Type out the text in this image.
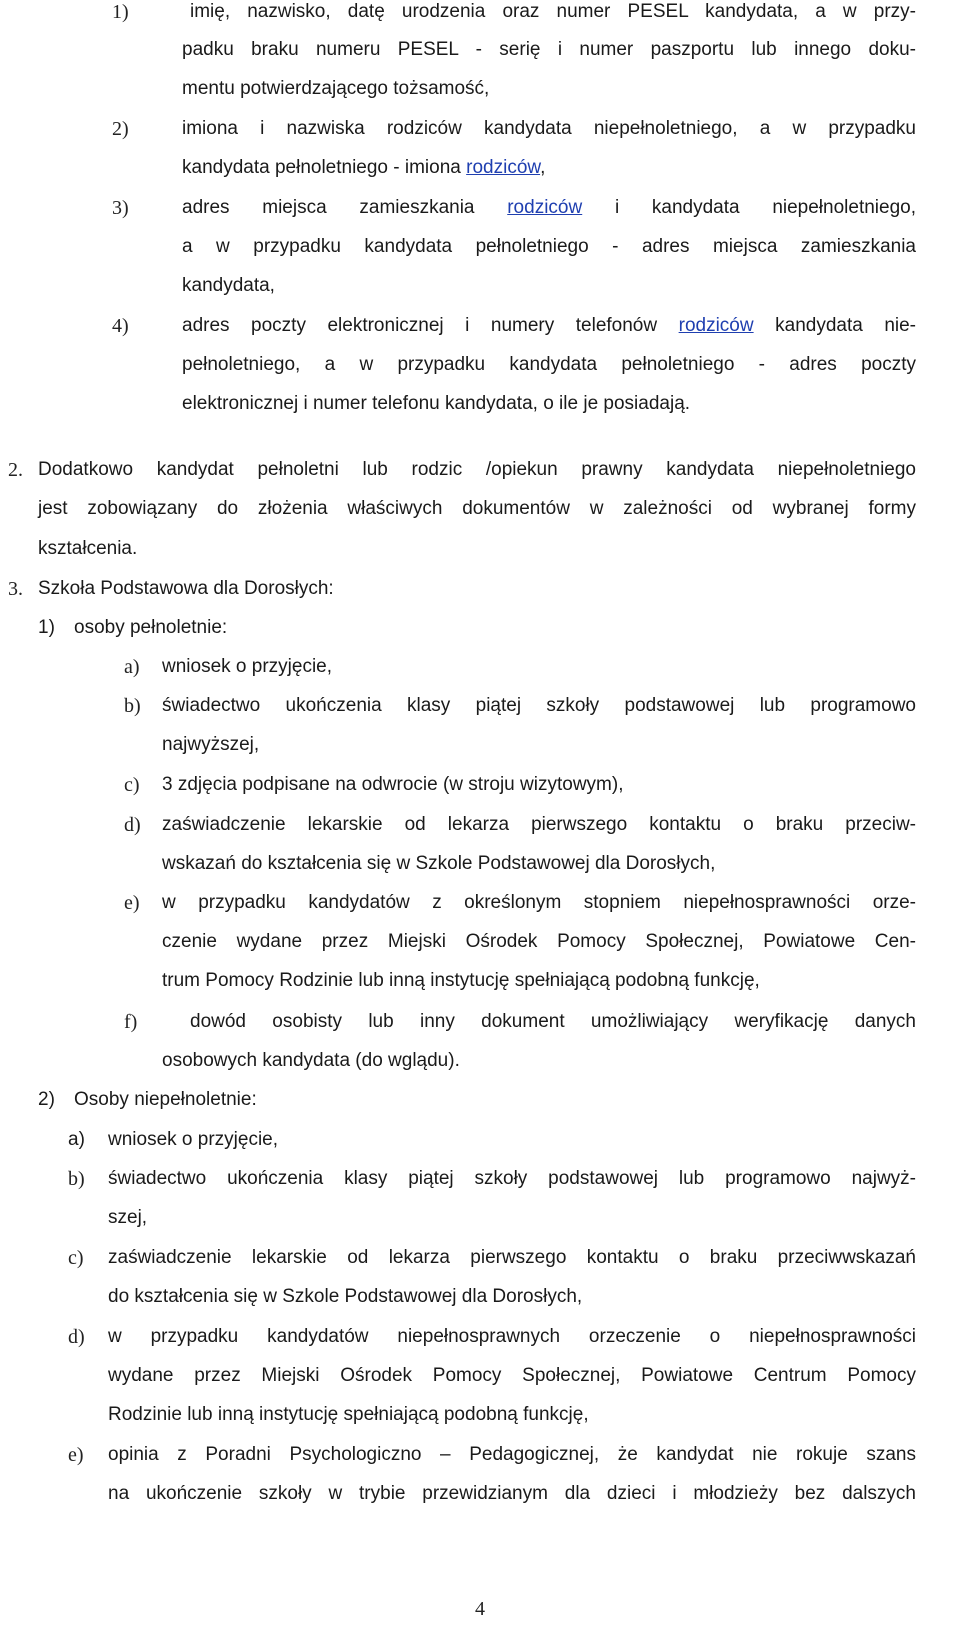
1)	imię, nazwisko, datę urodzenia oraz numer PESEL kandydata, a w przy-
padku braku numeru PESEL - serię i numer paszportu lub innego doku-
mentu potwierdzającego tożsamość,
2)	imiona i nazwiska rodziców kandydata niepełnoletniego, a w przypadku
kandydata pełnoletniego - imiona rodziców,
3)	adres miejsca zamieszkania rodziców i kandydata niepełnoletniego,
a w przypadku kandydata pełnoletniego - adres miejsca zamieszkania
kandydata,
4)	adres poczty elektronicznej i numery telefonów rodziców kandydata nie-
pełnoletniego, a w przypadku kandydata pełnoletniego - adres poczty
elektronicznej i numer telefonu kandydata, o ile je posiadają.
2. Dodatkowo kandydat pełnoletni lub rodzic /opiekun prawny kandydata niepełnoletniego
jest zobowiązany do złożenia właściwych dokumentów w zależności od wybranej formy
kształcenia.
3. Szkoła Podstawowa dla Dorosłych:
1) osoby pełnoletnie:
a) wniosek o przyjęcie,
b) świadectwo ukończenia klasy piątej szkoły podstawowej lub programowo
najwyższej,
c) 3 zdjęcia podpisane na odwrocie (w stroju wizytowym),
d) zaświadczenie lekarskie od lekarza pierwszego kontaktu o braku przeciw-
wskazań do kształcenia się w Szkole Podstawowej dla Dorosłych,
e) w przypadku kandydatów z określonym stopniem niepełnosprawności orze-
czenie wydane przez Miejski Ośrodek Pomocy Społecznej, Powiatowe Cen-
trum Pomocy Rodzinie lub inną instytucję spełniającą podobną funkcję,
f)	dowód osobisty lub inny dokument umożliwiający weryfikację danych
osobowych kandydata (do wglądu).
2) Osoby niepełnoletnie:
a) wniosek o przyjęcie,
b) świadectwo ukończenia klasy piątej szkoły podstawowej lub programowo najwyż-
szej,
c) zaświadczenie lekarskie od lekarza pierwszego kontaktu o braku przeciwwskazań
do kształcenia się w Szkole Podstawowej dla Dorosłych,
d) w przypadku kandydatów niepełnosprawnych orzeczenie o niepełnosprawności
wydane przez Miejski Ośrodek Pomocy Społecznej, Powiatowe Centrum Pomocy
Rodzinie lub inną instytucję spełniającą podobną funkcję,
e) opinia z Poradni Psychologiczno – Pedagogicznej, że kandydat nie rokuje szans
na ukończenie szkoły w trybie przewidzianym dla dzieci i młodzieży bez dalszych
4
